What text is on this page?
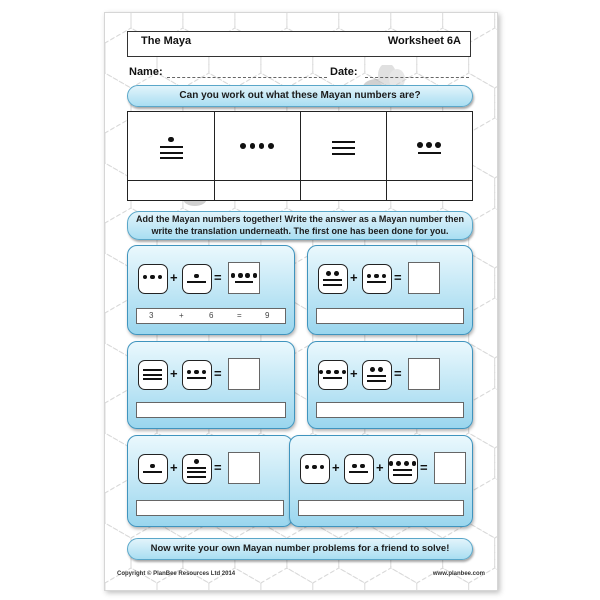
The Maya	Worksheet 6A
Name:	Date:
Can you work out what these Mayan numbers are?
Add the Mayan numbers together! Write the answer as a Mayan number then
write the translation underneath. The first one has been done for you.
Now write your own Mayan number problems for a friend to solve!
Copyright © PlanBee Resources Ltd 2014	www.planbee.com
+	=
3	+	6	=	9
+	=
+	=	+	=
+	=	+	+	=
